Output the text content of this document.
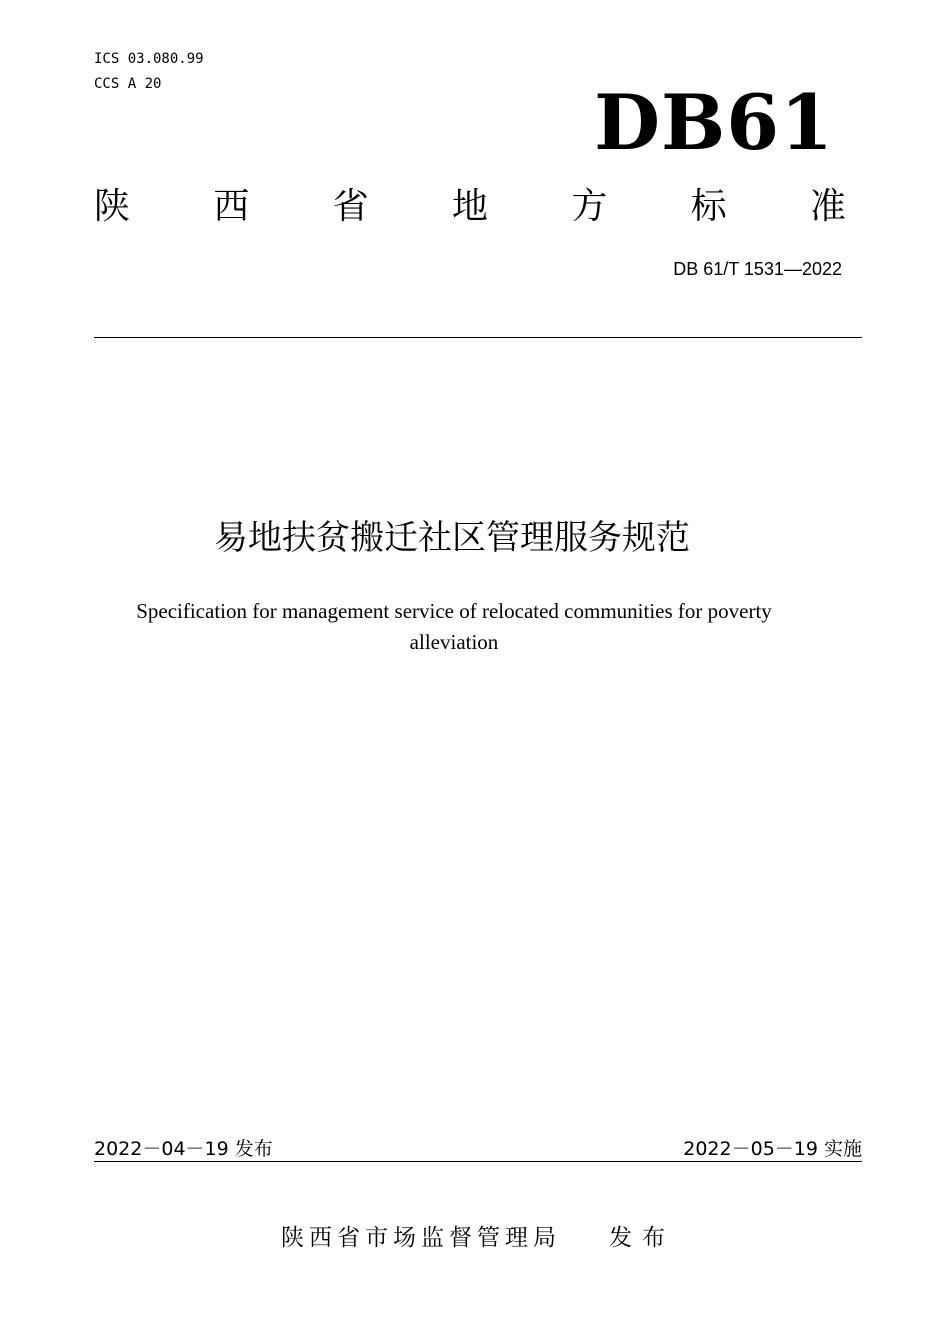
ICS 03.080.99
CCS A 20	DB61
陕 西 省 地 方 标 准
DB 61/T 1531—2022
易地扶贫搬迁社区管理服务规范
Specification for management service of relocated communities for poverty
alleviation
2022－04－19 发布	2022－05－19 实施
陕西省市场监督管理局 发布
